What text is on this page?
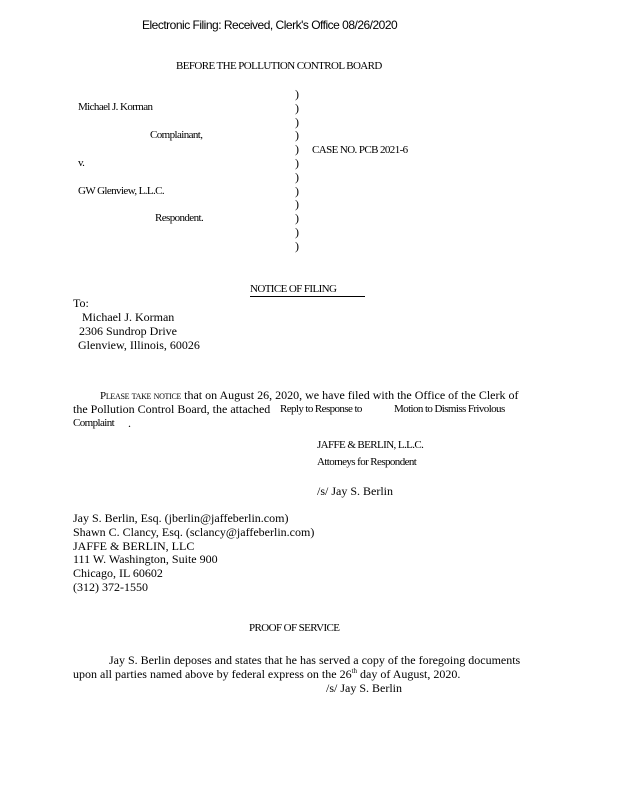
Electronic Filing: Received, Clerk's Office 08/26/2020
BEFORE THE POLLUTION CONTROL BOARD
Michael J. Korman
Complainant,
v.
GW Glenview, L.L.C.
Respondent.
)
)
)
)
)
)
)
)
)
)
)
)
CASE NO. PCB 2021-6
NOTICE OF FILING
To:
Michael J. Korman
2306 Sundrop Drive
Glenview, Illinois, 60026
Please take notice that on August 26, 2020, we have filed with the Office of the Clerk of
the Pollution Control Board, the attached Reply to Response to	Motion to Dismiss Frivolous
Complaint .
JAFFE & BERLIN, L.L.C.
Attorneys for Respondent
/s/ Jay S. Berlin
Jay S. Berlin, Esq. (jberlin@jaffeberlin.com)
Shawn C. Clancy, Esq. (sclancy@jaffeberlin.com)
JAFFE & BERLIN, LLC
111 W. Washington, Suite 900
Chicago, IL 60602
(312) 372-1550
PROOF OF SERVICE
Jay S. Berlin deposes and states that he has served a copy of the foregoing documents
upon all parties named above by federal express on the 26th day of August, 2020.
/s/ Jay S. Berlin
